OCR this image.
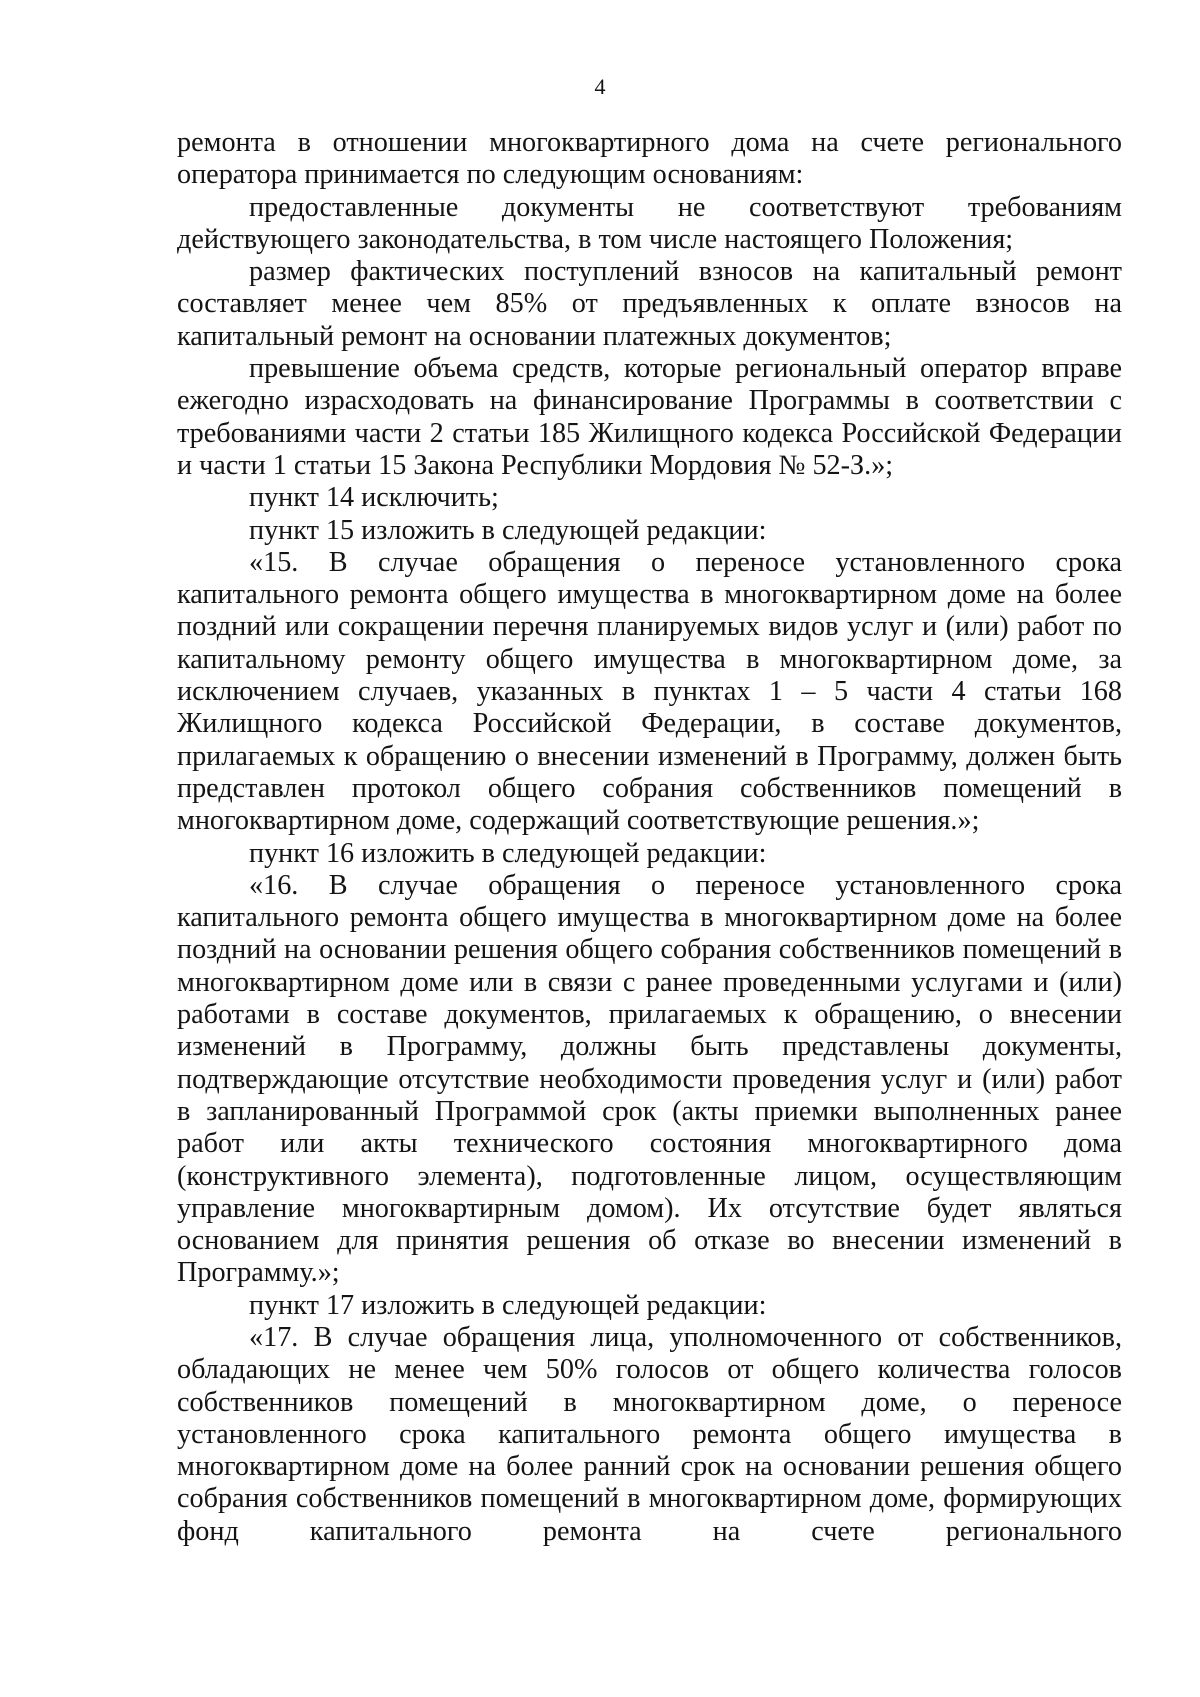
4

ремонта в отношении многоквартирного дома на счете регионального оператора принимается по следующим основаниям:

предоставленные документы не соответствуют требованиям действующего законодательства, в том числе настоящего Положения;

размер фактических поступлений взносов на капитальный ремонт составляет менее чем 85% от предъявленных к оплате взносов на капитальный ремонт на основании платежных документов;

превышение объема средств, которые региональный оператор вправе ежегодно израсходовать на финансирование Программы в соответствии с требованиями части 2 статьи 185 Жилищного кодекса Российской Федерации и части 1 статьи 15 Закона Республики Мордовия № 52-З.»;

пункт 14 исключить;

пункт 15 изложить в следующей редакции:

«15. В случае обращения о переносе установленного срока капитального ремонта общего имущества в многоквартирном доме на более поздний или сокращении перечня планируемых видов услуг и (или) работ по капитальному ремонту общего имущества в многоквартирном доме, за исключением случаев, указанных в пунктах 1 – 5 части 4 статьи 168 Жилищного кодекса Российской Федерации, в составе документов, прилагаемых к обращению о внесении изменений в Программу, должен быть представлен протокол общего собрания собственников помещений в многоквартирном доме, содержащий соответствующие решения.»;

пункт 16 изложить в следующей редакции:

«16. В случае обращения о переносе установленного срока капитального ремонта общего имущества в многоквартирном доме на более поздний на основании решения общего собрания собственников помещений в многоквартирном доме или в связи с ранее проведенными услугами и (или) работами в составе документов, прилагаемых к обращению, о внесении изменений в Программу, должны быть представлены документы, подтверждающие отсутствие необходимости проведения услуг и (или) работ в запланированный Программой срок (акты приемки выполненных ранее работ или акты технического состояния многоквартирного дома (конструктивного элемента), подготовленные лицом, осуществляющим управление многоквартирным домом). Их отсутствие будет являться основанием для принятия решения об отказе во внесении изменений в Программу.»;

пункт 17 изложить в следующей редакции:

«17. В случае обращения лица, уполномоченного от собственников, обладающих не менее чем 50% голосов от общего количества голосов собственников помещений в многоквартирном доме, о переносе установленного срока капитального ремонта общего имущества в многоквартирном доме на более ранний срок на основании решения общего собрания собственников помещений в многоквартирном доме, формирующих фонд капитального ремонта на счете регионального
